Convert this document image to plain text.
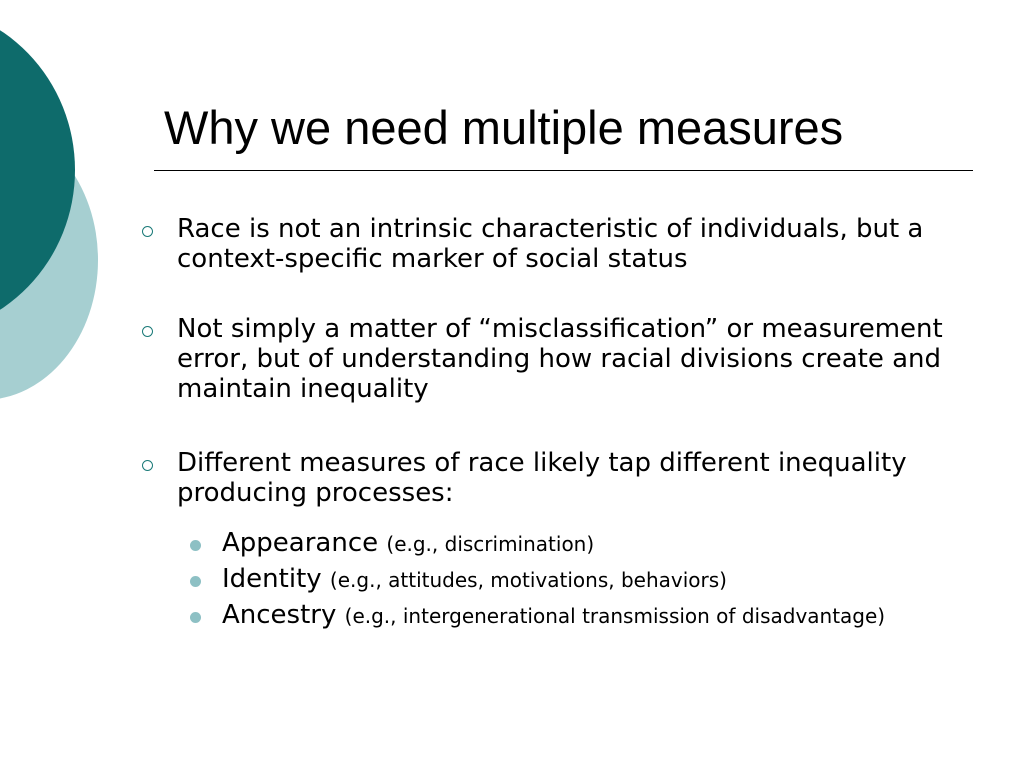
Why we need multiple measures
Race is not an intrinsic characteristic of individuals, but a context-specific marker of social status
Not simply a matter of “misclassification” or measurement error, but of understanding how racial divisions create and maintain inequality
Different measures of race likely tap different inequality producing processes:
Appearance (e.g., discrimination)
Identity (e.g., attitudes, motivations, behaviors)
Ancestry (e.g., intergenerational transmission of disadvantage)
